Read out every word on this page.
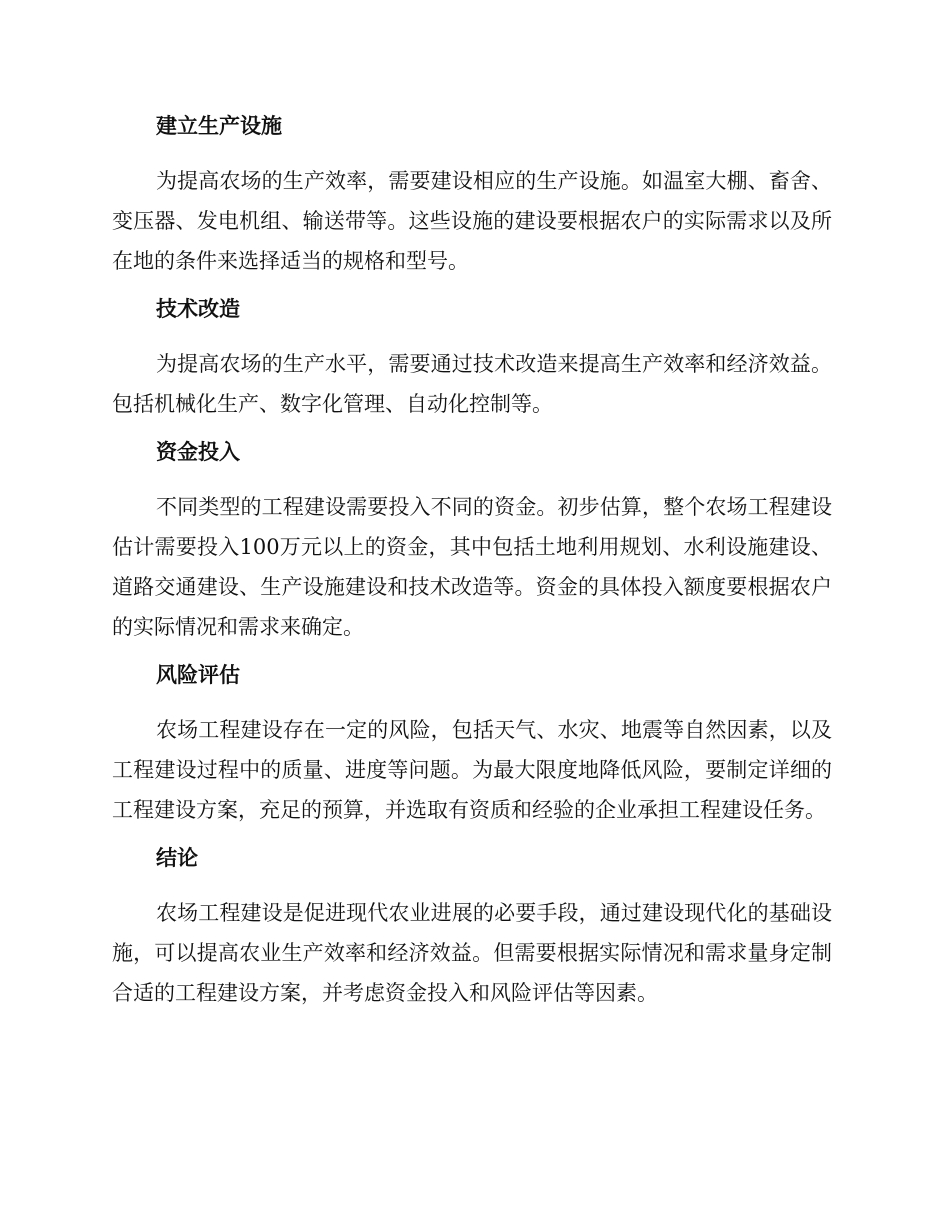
建立生产设施

为提高农场的生产效率，需要建设相应的生产设施。如温室大棚、畜舍、变压器、发电机组、输送带等。这些设施的建设要根据农户的实际需求以及所在地的条件来选择适当的规格和型号。

技术改造

为提高农场的生产水平，需要通过技术改造来提高生产效率和经济效益。包括机械化生产、数字化管理、自动化控制等。

资金投入

不同类型的工程建设需要投入不同的资金。初步估算，整个农场工程建设估计需要投入100万元以上的资金，其中包括土地利用规划、水利设施建设、道路交通建设、生产设施建设和技术改造等。资金的具体投入额度要根据农户的实际情况和需求来确定。

风险评估

农场工程建设存在一定的风险，包括天气、水灾、地震等自然因素，以及工程建设过程中的质量、进度等问题。为最大限度地降低风险，要制定详细的工程建设方案，充足的预算，并选取有资质和经验的企业承担工程建设任务。

结论

农场工程建设是促进现代农业进展的必要手段，通过建设现代化的基础设施，可以提高农业生产效率和经济效益。但需要根据实际情况和需求量身定制合适的工程建设方案，并考虑资金投入和风险评估等因素。
